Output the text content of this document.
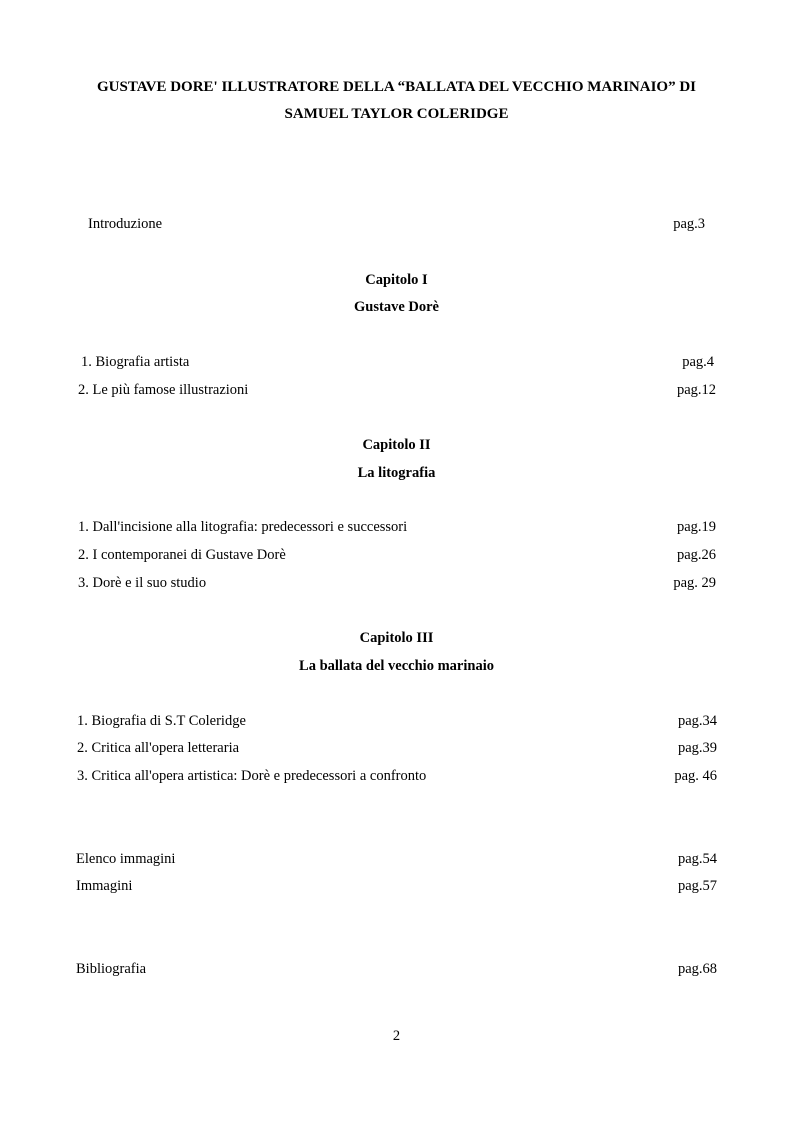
GUSTAVE DORE' ILLUSTRATORE DELLA “BALLATA DEL VECCHIO MARINAIO” DI
SAMUEL TAYLOR COLERIDGE
Introduzione	pag.3
Capitolo I
Gustave Dorè
1. Biografia artista	pag.4
2. Le più famose illustrazioni	pag.12
Capitolo II
La litografia
1. Dall'incisione alla litografia: predecessori e successori	pag.19
2. I contemporanei di Gustave Dorè	pag.26
3. Dorè e il suo studio	pag. 29
Capitolo III
La ballata del vecchio marinaio
1. Biografia di S.T Coleridge	pag.34
2. Critica all'opera letteraria	pag.39
3. Critica all'opera artistica: Dorè e predecessori a confronto	pag. 46
Elenco immagini	pag.54
Immagini	pag.57
Bibliografia	pag.68
2
